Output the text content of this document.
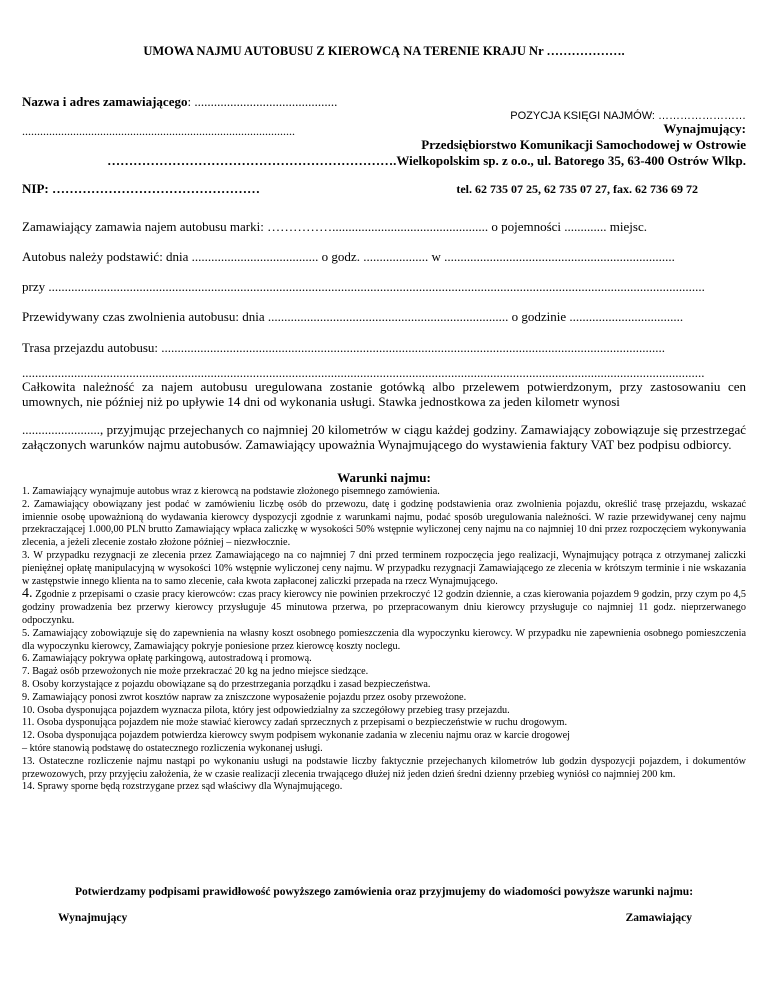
UMOWA NAJMU AUTOBUSU Z KIEROWCĄ NA TERENIE KRAJU Nr ……………….
Nazwa i adres zamawiającego: ............................................
POZYCJA KSIĘGI NAJMÓW: ……………………
...........................................................................................	Wynajmujący:
Przedsiębiorstwo Komunikacji Samochodowej w Ostrowie
………………………………………………………….Wielkopolskim sp. z o.o., ul. Batorego 35, 63-400 Ostrów Wlkp.
NIP: …………………………………………	tel. 62 735 07 25, 62 735 07 27, fax. 62 736 69 72
Zamawiający zamawia najem autobusu marki: ……………................................................ o pojemności ............. miejsc.
Autobus należy podstawić: dnia ....................................... o godz. .................... w .......................................................................
przy ..........................................................................................................................................................................................................
Przewidywany czas zwolnienia autobusu: dnia .......................................................................... o godzinie ...................................
Trasa przejazdu autobusu: ...........................................................................................................................................................
..................................................................................................................................................................................................................
Całkowita należność za najem autobusu uregulowana zostanie gotówką albo przelewem potwierdzonym, przy zastosowaniu cen umownych, nie później niż po upływie 14 dni od wykonania usługi. Stawka jednostkowa za jeden kilometr wynosi
........................, przyjmując przejechanych co najmniej 20 kilometrów w ciągu każdej godziny. Zamawiający zobowiązuje się przestrzegać załączonych warunków najmu autobusów. Zamawiający upoważnia Wynajmującego do wystawienia faktury VAT bez podpisu odbiorcy.
Warunki najmu:

1. Zamawiający wynajmuje autobus wraz z kierowcą na podstawie złożonego pisemnego zamówienia.

2. Zamawiający obowiązany jest podać w zamówieniu liczbę osób do przewozu, datę i godzinę podstawienia oraz zwolnienia pojazdu, określić trasę przejazdu, wskazać imiennie osobę upoważnioną do wydawania kierowcy dyspozycji zgodnie z warunkami najmu, podać sposób uregulowania należności. W razie przewidywanej ceny najmu przekraczającej 1.000,00 PLN brutto Zamawiający wpłaca zaliczkę w wysokości 50% wstępnie wyliczonej ceny najmu na co najmniej 10 dni przez rozpoczęciem wykonywania zlecenia, a jeżeli zlecenie zostało złożone później – niezwłocznie.

3. W przypadku rezygnacji ze zlecenia przez Zamawiającego na co najmniej 7 dni przed terminem rozpoczęcia jego realizacji, Wynajmujący potrąca z otrzymanej zaliczki pieniężnej opłatę manipulacyjną w wysokości 10% wstępnie wyliczonej ceny najmu. W przypadku rezygnacji Zamawiającego ze zlecenia w krótszym terminie i nie wskazania w zastępstwie innego klienta na to samo zlecenie, cała kwota zapłaconej zaliczki przepada na rzecz Wynajmującego.

4. Zgodnie z przepisami o czasie pracy kierowców: czas pracy kierowcy nie powinien przekroczyć 12 godzin dziennie, a czas kierowania pojazdem 9 godzin, przy czym po 4,5 godziny prowadzenia bez przerwy kierowcy przysługuje 45 minutowa przerwa, po przepracowanym dniu kierowcy przysługuje co najmniej 11 godz. nieprzerwanego odpoczynku.

5. Zamawiający zobowiązuje się do zapewnienia na własny koszt osobnego pomieszczenia dla wypoczynku kierowcy. W przypadku nie zapewnienia osobnego pomieszczenia dla wypoczynku kierowcy, Zamawiający pokryje poniesione przez kierowcę koszty noclegu.

6. Zamawiający pokrywa opłatę parkingową, autostradową i promową.

7. Bagaż osób przewożonych nie może przekraczać 20 kg na jedno miejsce siedzące.

8. Osoby korzystające z pojazdu obowiązane są do przestrzegania porządku i zasad bezpieczeństwa.

9. Zamawiający ponosi zwrot kosztów napraw za zniszczone wyposażenie pojazdu przez osoby przewożone.

10. Osoba dysponująca pojazdem wyznacza pilota, który jest odpowiedzialny za szczegółowy przebieg trasy przejazdu.

11. Osoba dysponująca pojazdem nie może stawiać kierowcy zadań sprzecznych z przepisami o bezpieczeństwie w ruchu drogowym.

12. Osoba dysponująca pojazdem potwierdza kierowcy swym podpisem wykonanie zadania w zleceniu najmu oraz w karcie drogowej

– które stanowią podstawę do ostatecznego rozliczenia wykonanej usługi.

13. Ostateczne rozliczenie najmu nastąpi po wykonaniu usługi na podstawie liczby faktycznie przejechanych kilometrów lub godzin dyspozycji pojazdem, i dokumentów przewozowych, przy przyjęciu założenia, że w czasie realizacji zlecenia trwającego dłużej niż jeden dzień średni dzienny przebieg wyniósł co najmniej 200 km.

14. Sprawy sporne będą rozstrzygane przez sąd właściwy dla Wynajmującego.

Potwierdzamy podpisami prawidłowość powyższego zamówienia oraz przyjmujemy do wiadomości powyższe warunki najmu:
Wynajmujący	Zamawiający
